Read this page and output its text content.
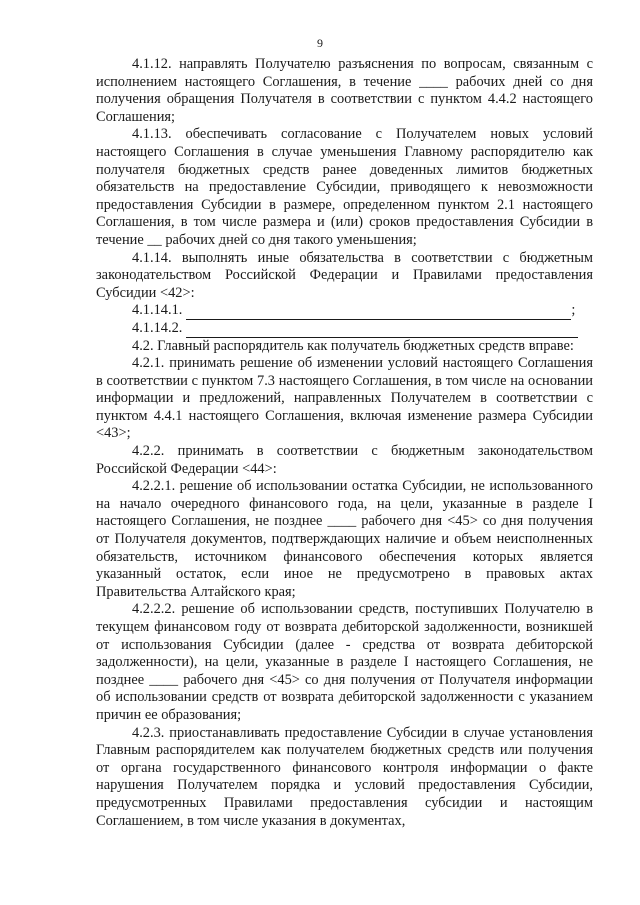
9

4.1.12. направлять Получателю разъяснения по вопросам, связанным с исполнением настоящего Соглашения, в течение ____ рабочих дней со дня получения обращения Получателя в соответствии с пунктом 4.4.2 настоящего Соглашения;

4.1.13. обеспечивать согласование с Получателем новых условий настоящего Соглашения в случае уменьшения Главному распорядителю как получателя бюджетных средств ранее доведенных лимитов бюджетных обязательств на предоставление Субсидии, приводящего к невозможности предоставления Субсидии в размере, определенном пунктом 2.1 настоящего Соглашения, в том числе размера и (или) сроков предоставления Субсидии в течение __ рабочих дней со дня такого уменьшения;

4.1.14. выполнять иные обязательства в соответствии с бюджетным законодательством Российской Федерации и Правилами предоставления Субсидии <42>:

4.1.14.1.	;
4.1.14.2.

4.2. Главный распорядитель как получатель бюджетных средств вправе:

4.2.1. принимать решение об изменении условий настоящего Соглашения в соответствии с пунктом 7.3 настоящего Соглашения, в том числе на основании информации и предложений, направленных Получателем в соответствии с пунктом 4.4.1 настоящего Соглашения, включая изменение размера Субсидии <43>;

4.2.2. принимать в соответствии с бюджетным законодательством Российской Федерации <44>:

4.2.2.1. решение об использовании остатка Субсидии, не использованного на начало очередного финансового года, на цели, указанные в разделе I настоящего Соглашения, не позднее ____ рабочего дня <45> со дня получения от Получателя документов, подтверждающих наличие и объем неисполненных обязательств, источником финансового обеспечения которых является указанный остаток, если иное не предусмотрено в правовых актах Правительства Алтайского края;

4.2.2.2. решение об использовании средств, поступивших Получателю в текущем финансовом году от возврата дебиторской задолженности, возникшей от использования Субсидии (далее - средства от возврата дебиторской задолженности), на цели, указанные в разделе I настоящего Соглашения, не позднее ____ рабочего дня <45> со дня получения от Получателя информации об использовании средств от возврата дебиторской задолженности с указанием причин ее образования;

4.2.3. приостанавливать предоставление Субсидии в случае установления Главным распорядителем как получателем бюджетных средств или получения от органа государственного финансового контроля информации о факте нарушения Получателем порядка и условий предоставления Субсидии, предусмотренных Правилами предоставления субсидии и настоящим Соглашением, в том числе указания в документах,
